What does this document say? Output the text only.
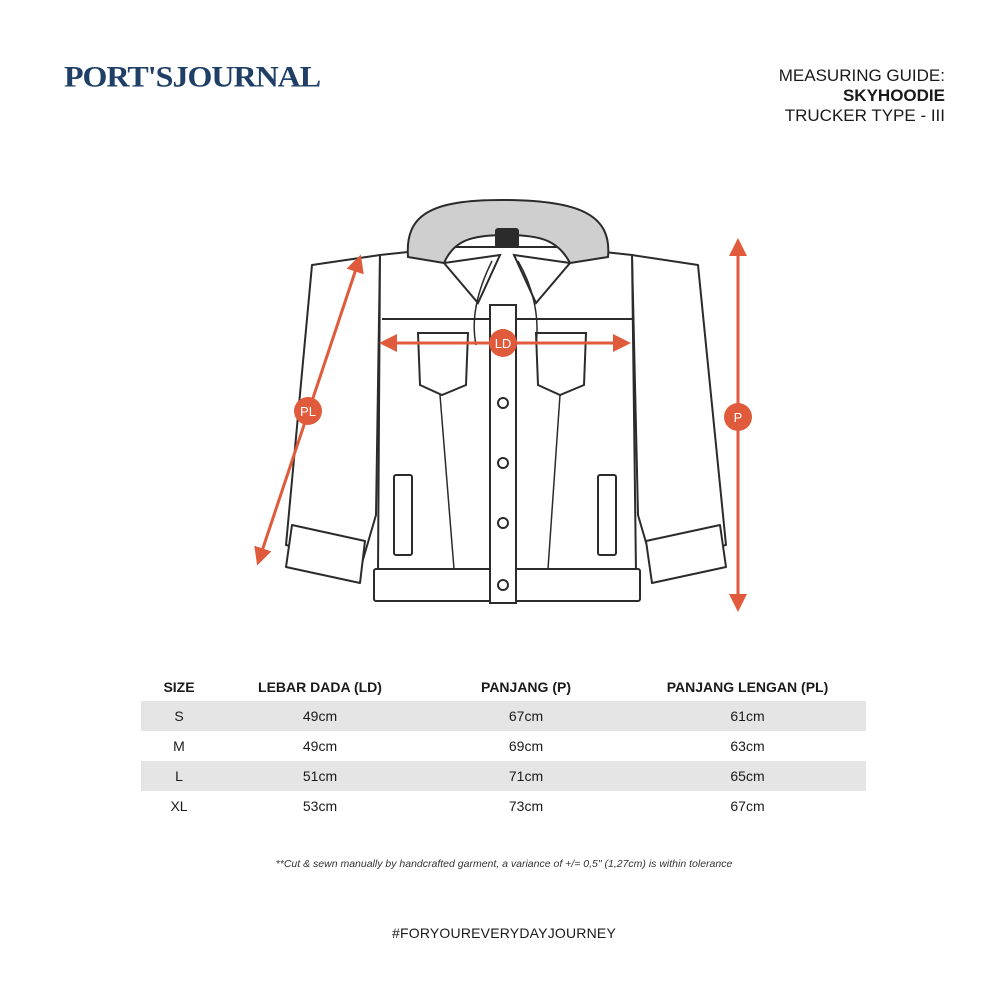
PORT'SJOURNAL	MEASURING GUIDE:
SKYHOODIE
TRUCKER TYPE - III
LD
P
PL
SIZE	LEBAR DADA (LD)	PANJANG (P)	PANJANG LENGAN (PL)

S	49cm	67cm	61cm
M	49cm	69cm	63cm
L	51cm	71cm	65cm
XL	53cm	73cm	67cm
**Cut & sewn manually by handcrafted garment, a variance of +/= 0,5" (1,27cm) is within tolerance
#FORYOUREVERYDAYJOURNEY
